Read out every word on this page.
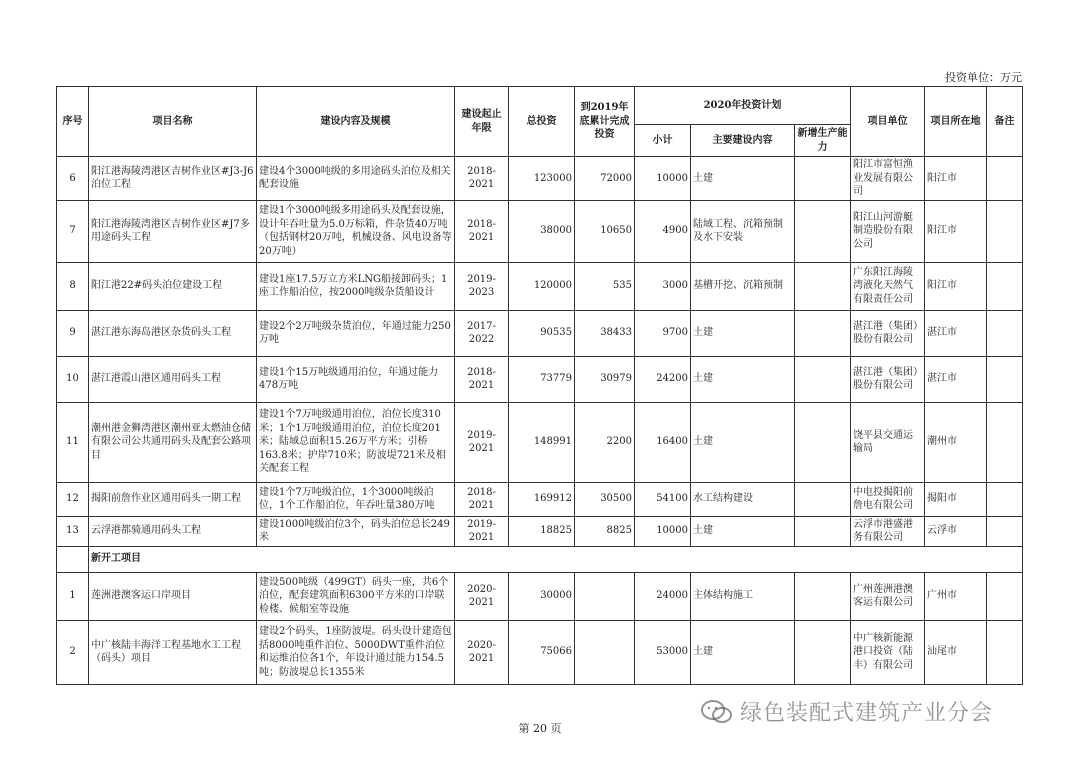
投资单位：万元
序号	项目名称	建设内容及规模	建设起止年限	总投资	到2019年底累计完成投资	2020年投资计划			项目单位	项目所在地	备注
						小计	主要建设内容	新增生产能力			
6	阳江港海陵湾港区吉树作业区#J3-J6泊位工程	建设4个3000吨级的多用途码头泊位及相关配套设施	2018-2021	123000	72000	10000	土建		阳江市富恒渔业发展有限公司	阳江市	
7	阳江港海陵湾港区吉树作业区#J7多用途码头工程	建设1个3000吨级多用途码头及配套设施，设计年吞吐量为5.0万标箱，件杂货40万吨（包括钢材20万吨，机械设备、风电设备等20万吨）	2018-2021	38000	10650	4900	陆域工程、沉箱预制及水下安装		阳江山河游艇制造股份有限公司	阳江市	
8	阳江港22#码头泊位建设工程	建设1座17.5万立方米LNG船接卸码头；1座工作船泊位，按2000吨级杂货船设计	2019-2023	120000	535	3000	基槽开挖、沉箱预制		广东阳江海陵湾液化天然气有限责任公司	阳江市	
9	湛江港东海岛港区杂货码头工程	建设2个2万吨级杂货泊位，年通过能力250万吨	2017-2022	90535	38433	9700	土建		湛江港（集团）股份有限公司	湛江市	
10	湛江港霞山港区通用码头工程	建设1个15万吨级通用泊位，年通过能力478万吨	2018-2021	73779	30979	24200	土建		湛江港（集团）股份有限公司	湛江市	
11	潮州港金狮湾港区潮州亚太燃油仓储有限公司公共通用码头及配套公路项目	建设1个7万吨级通用泊位，泊位长度310米；1个1万吨级通用泊位，泊位长度201米；陆域总面积15.26万平方米；引桥163.8米；护岸710米；防波堤721米及相关配套工程	2019-2021	148991	2200	16400	土建		饶平县交通运输局	潮州市	
12	揭阳前詹作业区通用码头一期工程	建设1个7万吨级泊位，1个3000吨级泊位，1个工作船泊位，年吞吐量380万吨	2018-2021	169912	30500	54100	水工结构建设		中电投揭阳前詹电有限公司	揭阳市	
13	云浮港都骑通用码头工程	建设1000吨级泊位3个，码头泊位总长249米	2019-2021	18825	8825	10000	土建		云浮市港盛港务有限公司	云浮市	
	新开工项目										
1	莲洲港澳客运口岸项目	建设500吨级（499GT）码头一座，共6个泊位，配套建筑面积6300平方米的口岸联检楼、候船室等设施	2020-2021	30000		24000	主体结构施工		广州莲洲港澳客运有限公司	广州市	
2	中广核陆丰海洋工程基地水工工程（码头）项目	建设2个码头，1座防波堤。码头设计建造包括8000吨重件泊位、5000DWT重件泊位和运维泊位各1个，年设计通过能力154.5吨；防波堤总长1355米	2020-2021	75066		53000	土建		中广核新能源港口投资（陆丰）有限公司	汕尾市	
第 20 页
绿色装配式建筑产业分会
